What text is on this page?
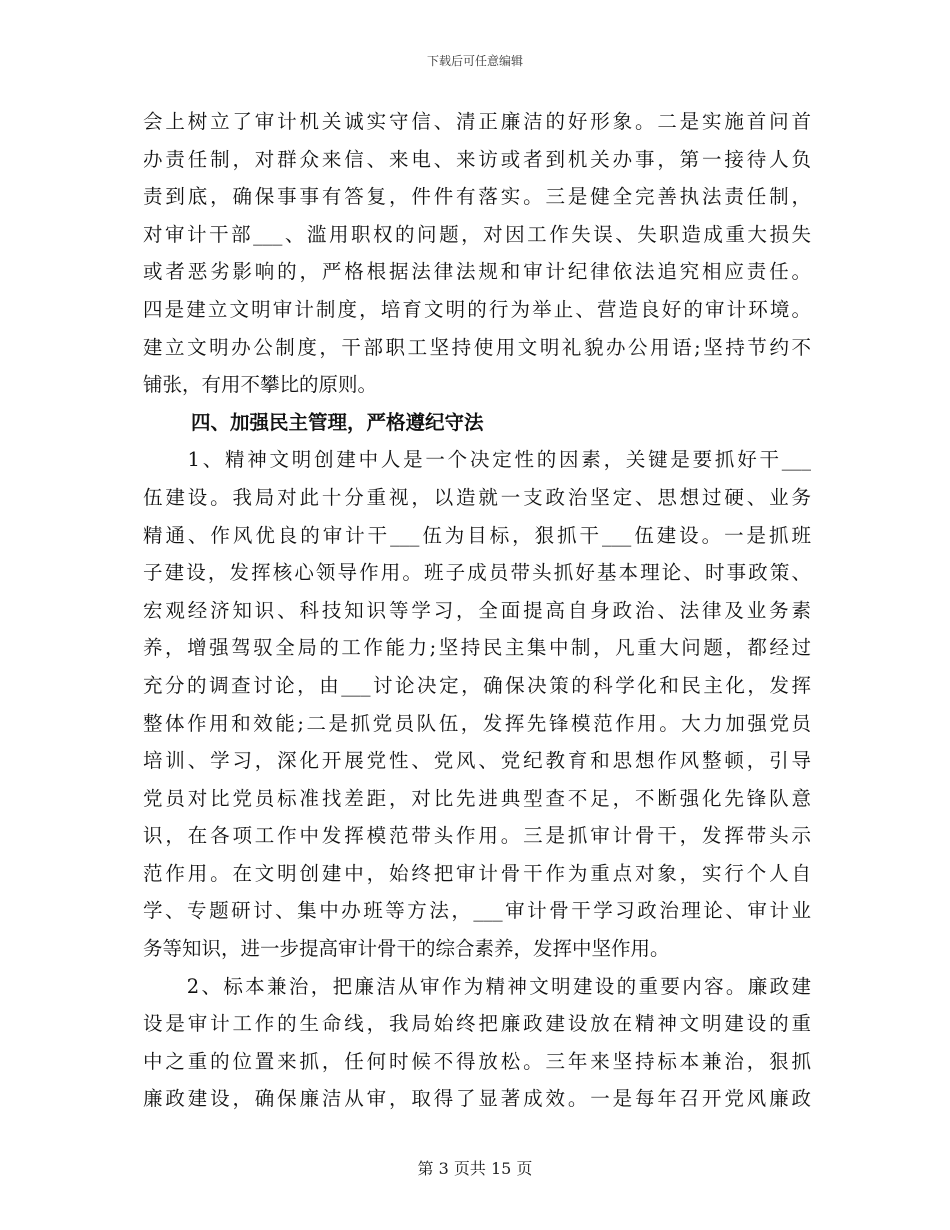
下载后可任意编辑
会上树立了审计机关诚实守信、清正廉洁的好形象。二是实施首问首
办责任制，对群众来信、来电、来访或者到机关办事，第一接待人负
责到底，确保事事有答复，件件有落实。三是健全完善执法责任制，
对审计干部___、滥用职权的问题，对因工作失误、失职造成重大损失
或者恶劣影响的，严格根据法律法规和审计纪律依法追究相应责任。
四是建立文明审计制度，培育文明的行为举止、营造良好的审计环境。
建立文明办公制度，干部职工坚持使用文明礼貌办公用语;坚持节约不
铺张，有用不攀比的原则。
四、加强民主管理，严格遵纪守法
　　1、精神文明创建中人是一个决定性的因素，关键是要抓好干___
伍建设。我局对此十分重视，以造就一支政治坚定、思想过硬、业务
精通、作风优良的审计干___伍为目标，狠抓干___伍建设。一是抓班
子建设，发挥核心领导作用。班子成员带头抓好基本理论、时事政策、
宏观经济知识、科技知识等学习，全面提高自身政治、法律及业务素
养，增强驾驭全局的工作能力;坚持民主集中制，凡重大问题，都经过
充分的调查讨论，由___讨论决定，确保决策的科学化和民主化，发挥
整体作用和效能;二是抓党员队伍，发挥先锋模范作用。大力加强党员
培训、学习，深化开展党性、党风、党纪教育和思想作风整顿，引导
党员对比党员标准找差距，对比先进典型查不足，不断强化先锋队意
识，在各项工作中发挥模范带头作用。三是抓审计骨干，发挥带头示
范作用。在文明创建中，始终把审计骨干作为重点对象，实行个人自
学、专题研讨、集中办班等方法，___审计骨干学习政治理论、审计业
务等知识，进一步提高审计骨干的综合素养，发挥中坚作用。
　　2、标本兼治，把廉洁从审作为精神文明建设的重要内容。廉政建
设是审计工作的生命线，我局始终把廉政建设放在精神文明建设的重
中之重的位置来抓，任何时候不得放松。三年来坚持标本兼治，狠抓
廉政建设，确保廉洁从审，取得了显著成效。一是每年召开党风廉政
第 3 页共 15 页
